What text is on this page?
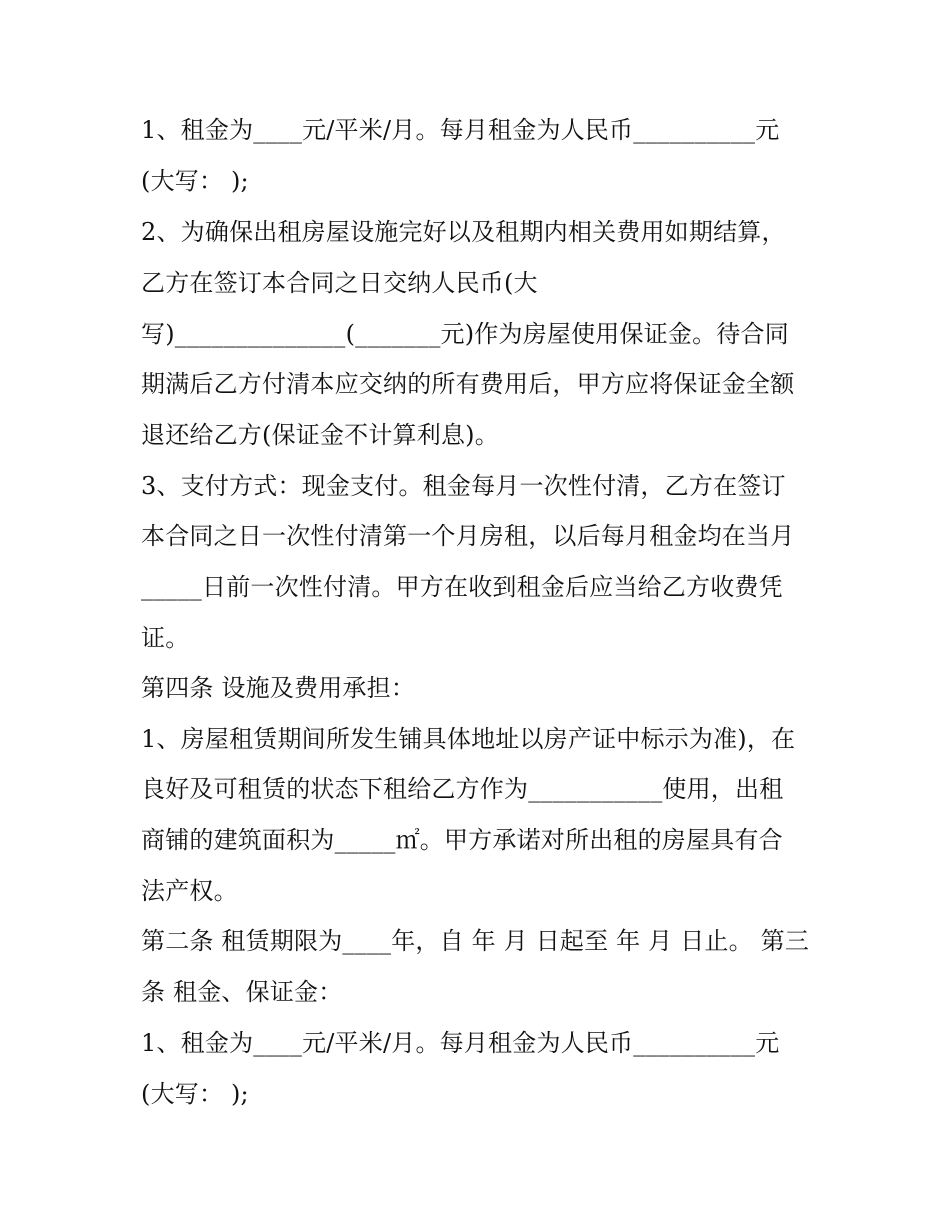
1、租金为____元/平米/月。每月租金为人民币__________元
(大写： );
2、为确保出租房屋设施完好以及租期内相关费用如期结算，
乙方在签订本合同之日交纳人民币(大
写)______________(_______元)作为房屋使用保证金。待合同
期满后乙方付清本应交纳的所有费用后，甲方应将保证金全额
退还给乙方(保证金不计算利息)。
3、支付方式：现金支付。租金每月一次性付清，乙方在签订
本合同之日一次性付清第一个月房租，以后每月租金均在当月
_____日前一次性付清。甲方在收到租金后应当给乙方收费凭
证。
第四条 设施及费用承担：
1、房屋租赁期间所发生铺具体地址以房产证中标示为准)，在
良好及可租赁的状态下租给乙方作为___________使用，出租
商铺的建筑面积为_____㎡。甲方承诺对所出租的房屋具有合
法产权。
第二条 租赁期限为____年，自 年 月 日起至 年 月 日止。 第三
条 租金、保证金：
1、租金为____元/平米/月。每月租金为人民币__________元
(大写： );
